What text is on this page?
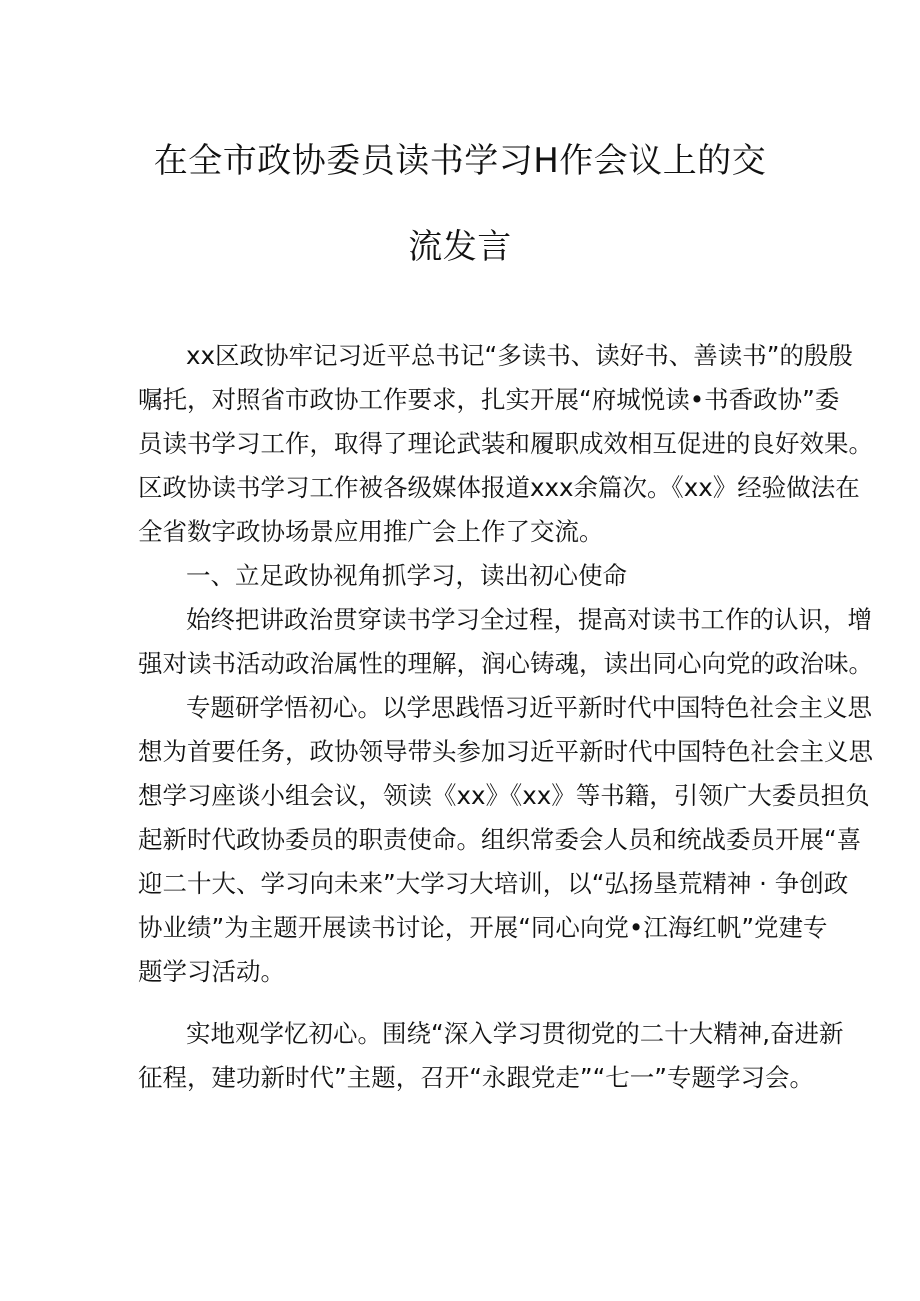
在全市政协委员读书学习H作会议上的交
流发言
xx区政协牢记习近平总书记“多读书、读好书、善读书”的殷殷
嘱托，对照省市政协工作要求，扎实开展“府城悦读•书香政协”委
员读书学习工作，取得了理论武装和履职成效相互促进的良好效果。
区政协读书学习工作被各级媒体报道xxx余篇次。《xx》经验做法在
全省数字政协场景应用推广会上作了交流。
一、立足政协视角抓学习，读出初心使命
始终把讲政治贯穿读书学习全过程，提高对读书工作的认识，增
强对读书活动政治属性的理解，润心铸魂，读出同心向党的政治味。
专题研学悟初心。以学思践悟习近平新时代中国特色社会主义思
想为首要任务，政协领导带头参加习近平新时代中国特色社会主义思
想学习座谈小组会议，领读《xx》《xx》等书籍，引领广大委员担负
起新时代政协委员的职责使命。组织常委会人员和统战委员开展“喜
迎二十大、学习向未来”大学习大培训，以“弘扬垦荒精神 · 争创政
协业绩”为主题开展读书讨论，开展“同心向党•江海红帆”党建专
题学习活动。
实地观学忆初心。围绕“深入学习贯彻党的二十大精神,奋进新
征程，建功新时代”主题，召开“永跟党走”“七一”专题学习会。
